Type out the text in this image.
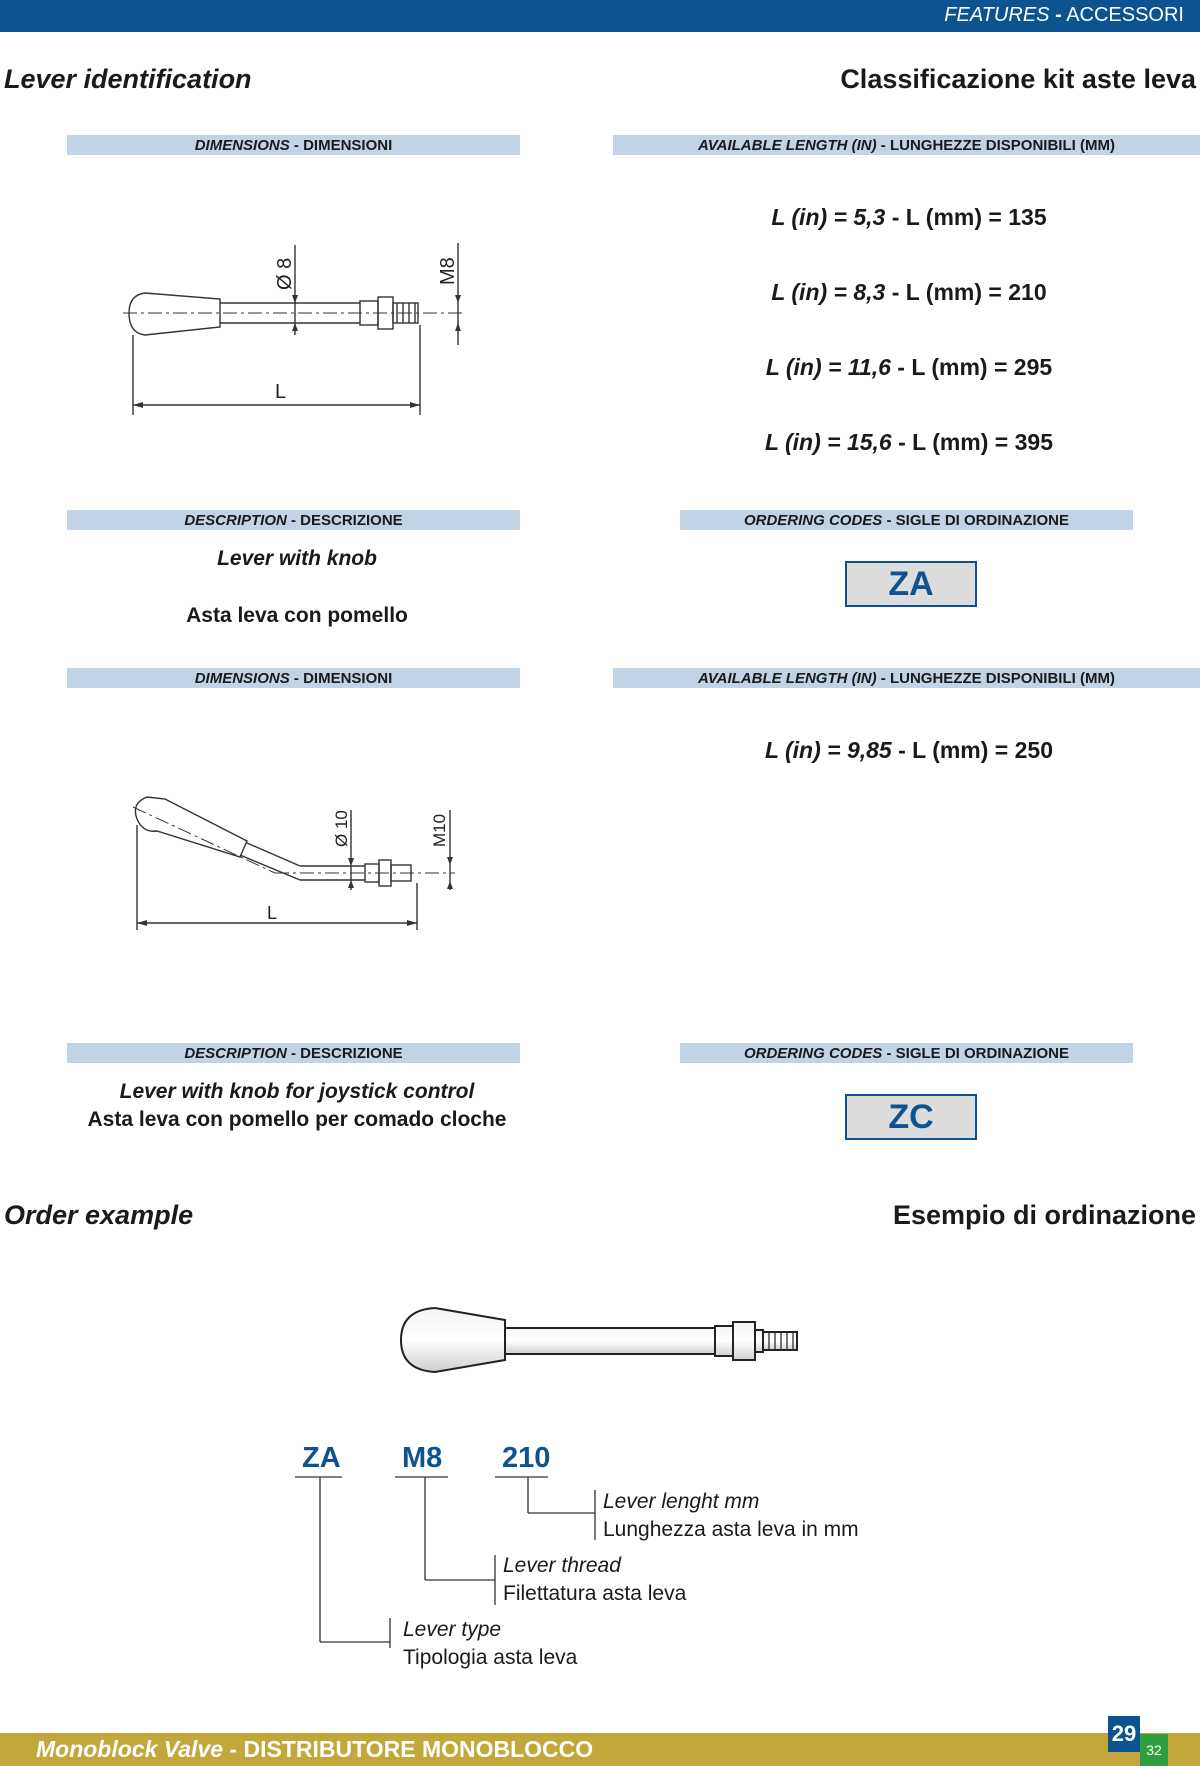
FEATURES - ACCESSORI
Lever identification	Classificazione kit aste leva
DIMENSIONS - DIMENSIONI	AVAILABLE LENGTH (IN) - LUNGHEZZE DISPONIBILI (MM)
Ø 8	M8
L
L (in) = 5,3 - L (mm) = 135
L (in) = 8,3 - L (mm) = 210
L (in) = 11,6 - L (mm) = 295
L (in) = 15,6 - L (mm) = 395
DESCRIPTION - DESCRIZIONE	ORDERING CODES - SIGLE DI ORDINAZIONE
Lever with knob
Asta leva con pomello
ZA
DIMENSIONS - DIMENSIONI	AVAILABLE LENGTH (IN) - LUNGHEZZE DISPONIBILI (MM)
L (in) = 9,85 - L (mm) = 250
Ø 10	M10
L
DESCRIPTION - DESCRIZIONE	ORDERING CODES - SIGLE DI ORDINAZIONE
Lever with knob for joystick control
Asta leva con pomello per comado cloche	ZC
Order example	Esempio di ordinazione
ZA M8 210
Lever lenght mm
Lunghezza asta leva in mm
Lever thread
Filettatura asta leva
Lever type
Tipologia asta leva
Monoblock Valve - DISTRIBUTORE MONOBLOCCO
29
32
